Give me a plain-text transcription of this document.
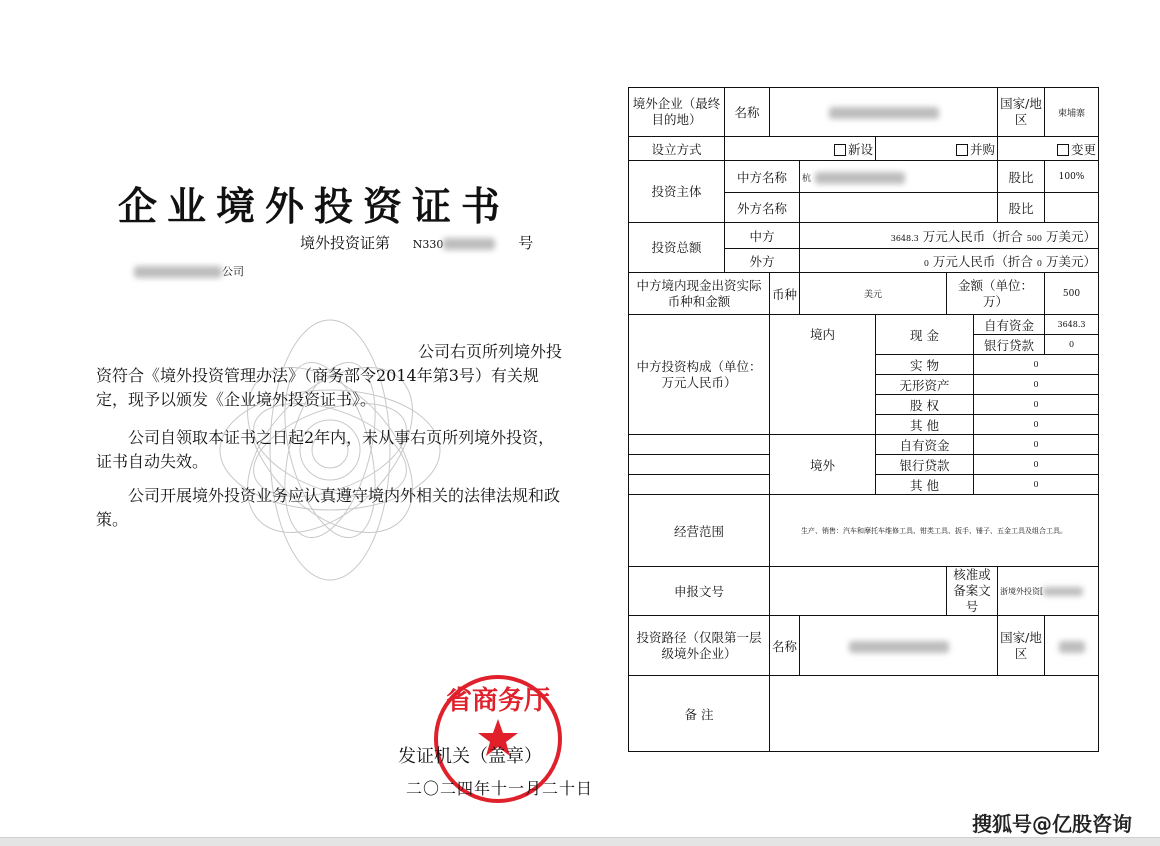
企业境外投资证书
境外投资证第 N330	号
公司
公司右页所列境外投资符合《境外投资管理办法》（商务部令2014年第3号）有关规定，现予以颁发《企业境外投资证书》。
公司自领取本证书之日起2年内，未从事右页所列境外投资，证书自动失效。
公司开展境外投资业务应认真遵守境内外相关的法律法规和政策。
省商务厅
发证机关（盖章）
二〇二四年十一月二十日
境外企业（最终目的地）	名称						国家/地区	柬埔寨
设立方式	新设			并购			变更	
投资主体	中方名称		杭				股比	100%
	外方名称						股比	
投资总额	中方		3648.3 万元人民币（折合 500 万美元）					
	外方		0 万元人民币（折合 0 万美元）					
中方境内现金出资实际币种和金额		币种	美元		金额（单位：万）			500
中方投资构成（单位：万元人民币）		境内		现 金		自有资金		3648.3
						银行贷款		0
				实 物		0		
				无形资产		0		
				股 权		0		
				其 他		0		
		境外		自有资金		0		
				银行贷款		0		
				其 他		0		
经营范围		生产、销售：汽车和摩托车维修工具、钳类工具、扳手、锤子、五金工具及组合工具。						
申报文号					核准或备案文号		浙境外投资[	
投资路径（仅限第一层级境外企业）		名称					国家/地区	
备 注								
搜狐号@亿股咨询
